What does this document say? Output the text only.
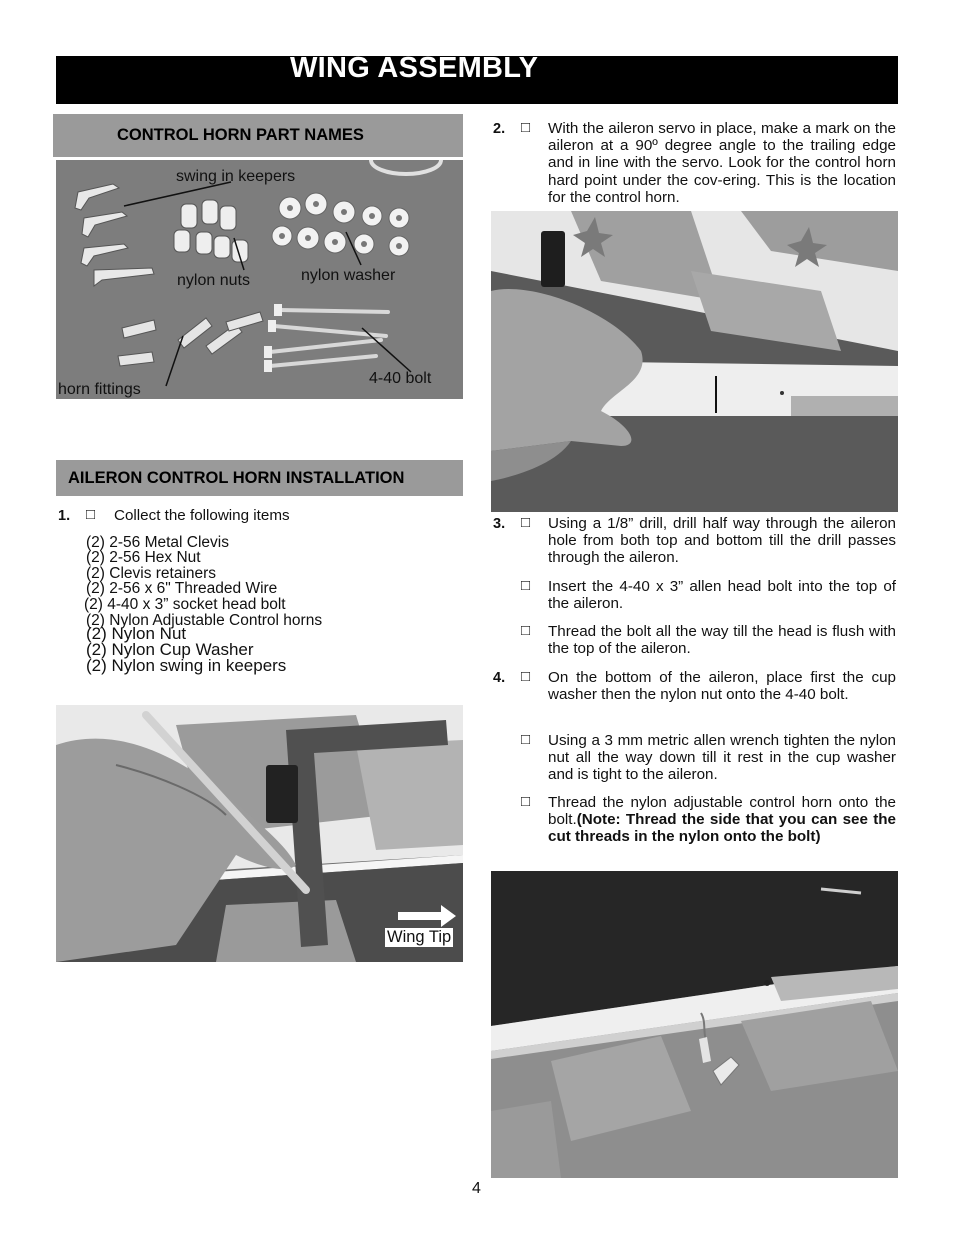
WING ASSEMBLY
CONTROL HORN PART NAMES
swing in keepers
nylon nuts	nylon washer
horn fittings
4-40 bolt
AILERON CONTROL HORN INSTALLATION
1. □ Collect the following items
(2) 2-56 Metal Clevis
(2) 2-56 Hex Nut
(2) Clevis retainers
(2) 2-56 x 6" Threaded Wire
(2) 4-40 x 3” socket head bolt
(2) Nylon Adjustable Control horns
(2) Nylon Nut
(2) Nylon Cup Washer
(2) Nylon swing in keepers
Wing Tip
2. □ With the aileron servo in place, make a mark on the aileron at a 90º degree angle to the trailing edge and in line with the servo. Look for the control horn hard point under the cov-ering. This is the location for the control horn.
3. □ Using a 1/8” drill, drill half way through the aileron hole from both top and bottom till the drill passes through the aileron.
□ Insert the 4-40 x 3” allen head bolt into the top of the aileron.
□ Thread the bolt all the way till the head is flush with the top of the aileron.
4. □ On the bottom of the aileron, place first the cup washer then the nylon nut onto the 4-40 bolt.
□ Using a 3 mm metric allen wrench tighten the nylon nut all the way down till it rest in the cup washer and is tight to the aileron.
□ Thread the nylon adjustable control horn onto the bolt.(Note: Thread the side that you can see the cut threads in the nylon onto the bolt)
4
